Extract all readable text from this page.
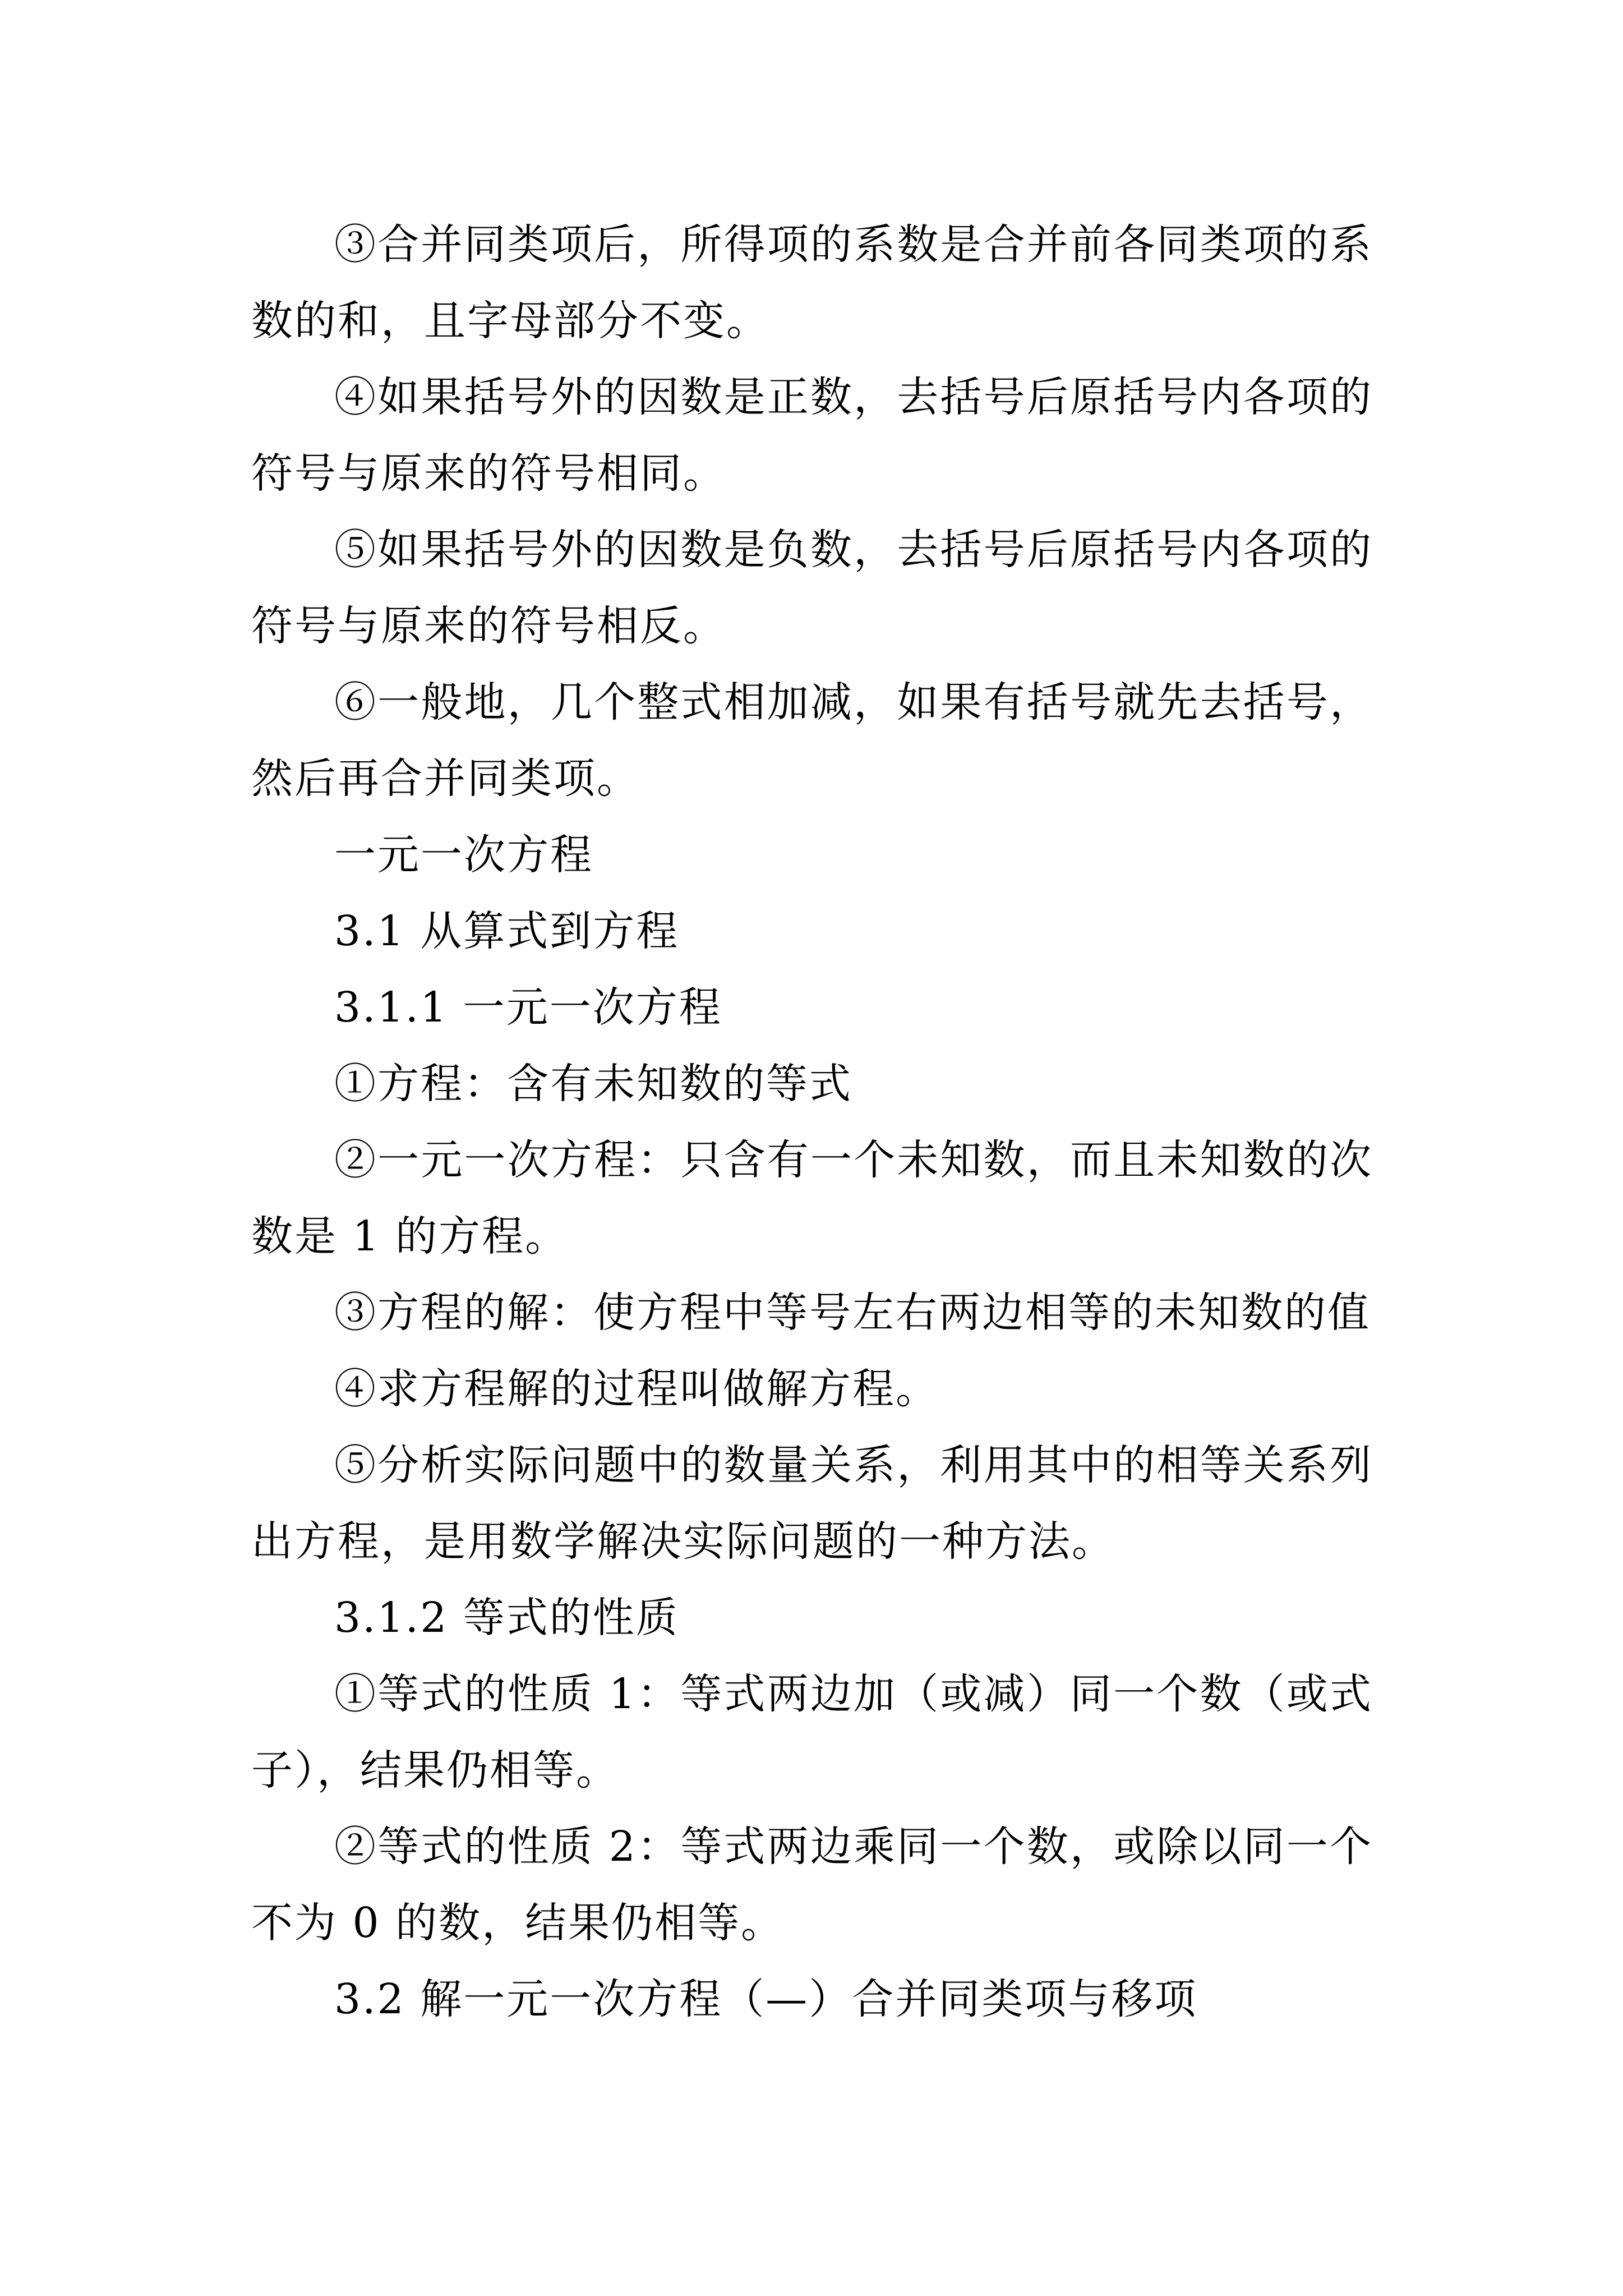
③合并同类项后，所得项的系数是合并前各同类项的系数的和，且字母部分不变。

④如果括号外的因数是正数，去括号后原括号内各项的符号与原来的符号相同。

⑤如果括号外的因数是负数，去括号后原括号内各项的符号与原来的符号相反。

⑥一般地，几个整式相加减，如果有括号就先去括号，然后再合并同类项。

一元一次方程

3.1 从算式到方程

3.1.1 一元一次方程

①方程：含有未知数的等式

②一元一次方程：只含有一个未知数，而且未知数的次数是 1 的方程。

③方程的解：使方程中等号左右两边相等的未知数的值

④求方程解的过程叫做解方程。

⑤分析实际问题中的数量关系，利用其中的相等关系列出方程，是用数学解决实际问题的一种方法。

3.1.2 等式的性质

①等式的性质 1：等式两边加（或减）同一个数（或式子），结果仍相等。

②等式的性质 2：等式两边乘同一个数，或除以同一个不为 0 的数，结果仍相等。

3.2 解一元一次方程（—）合并同类项与移项
